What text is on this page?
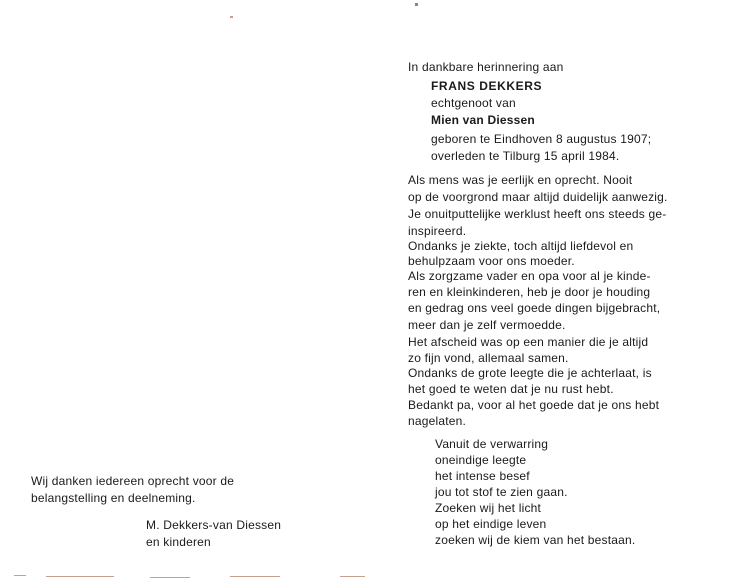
Wij danken iedereen oprecht voor de
belangstelling en deelneming.
M. Dekkers-van Diessen
en kinderen
In dankbare herinnering aan
FRANS DEKKERS
echtgenoot van
Mien van Diessen
geboren te Eindhoven 8 augustus 1907;
overleden te Tilburg 15 april 1984.
Als mens was je eerlijk en oprecht. Nooit
op de voorgrond maar altijd duidelijk aanwezig.
Je onuitputtelijke werklust heeft ons steeds ge-
inspireerd.
Ondanks je ziekte, toch altijd liefdevol en
behulpzaam voor ons moeder.
Als zorgzame vader en opa voor al je kinde-
ren en kleinkinderen, heb je door je houding
en gedrag ons veel goede dingen bijgebracht,
meer dan je zelf vermoedde.
Het afscheid was op een manier die je altijd
zo fijn vond, allemaal samen.
Ondanks de grote leegte die je achterlaat, is
het goed te weten dat je nu rust hebt.
Bedankt pa, voor al het goede dat je ons hebt
nagelaten.
Vanuit de verwarring
oneindige leegte
het intense besef
jou tot stof te zien gaan.
Zoeken wij het licht
op het eindige leven
zoeken wij de kiem van het bestaan.
